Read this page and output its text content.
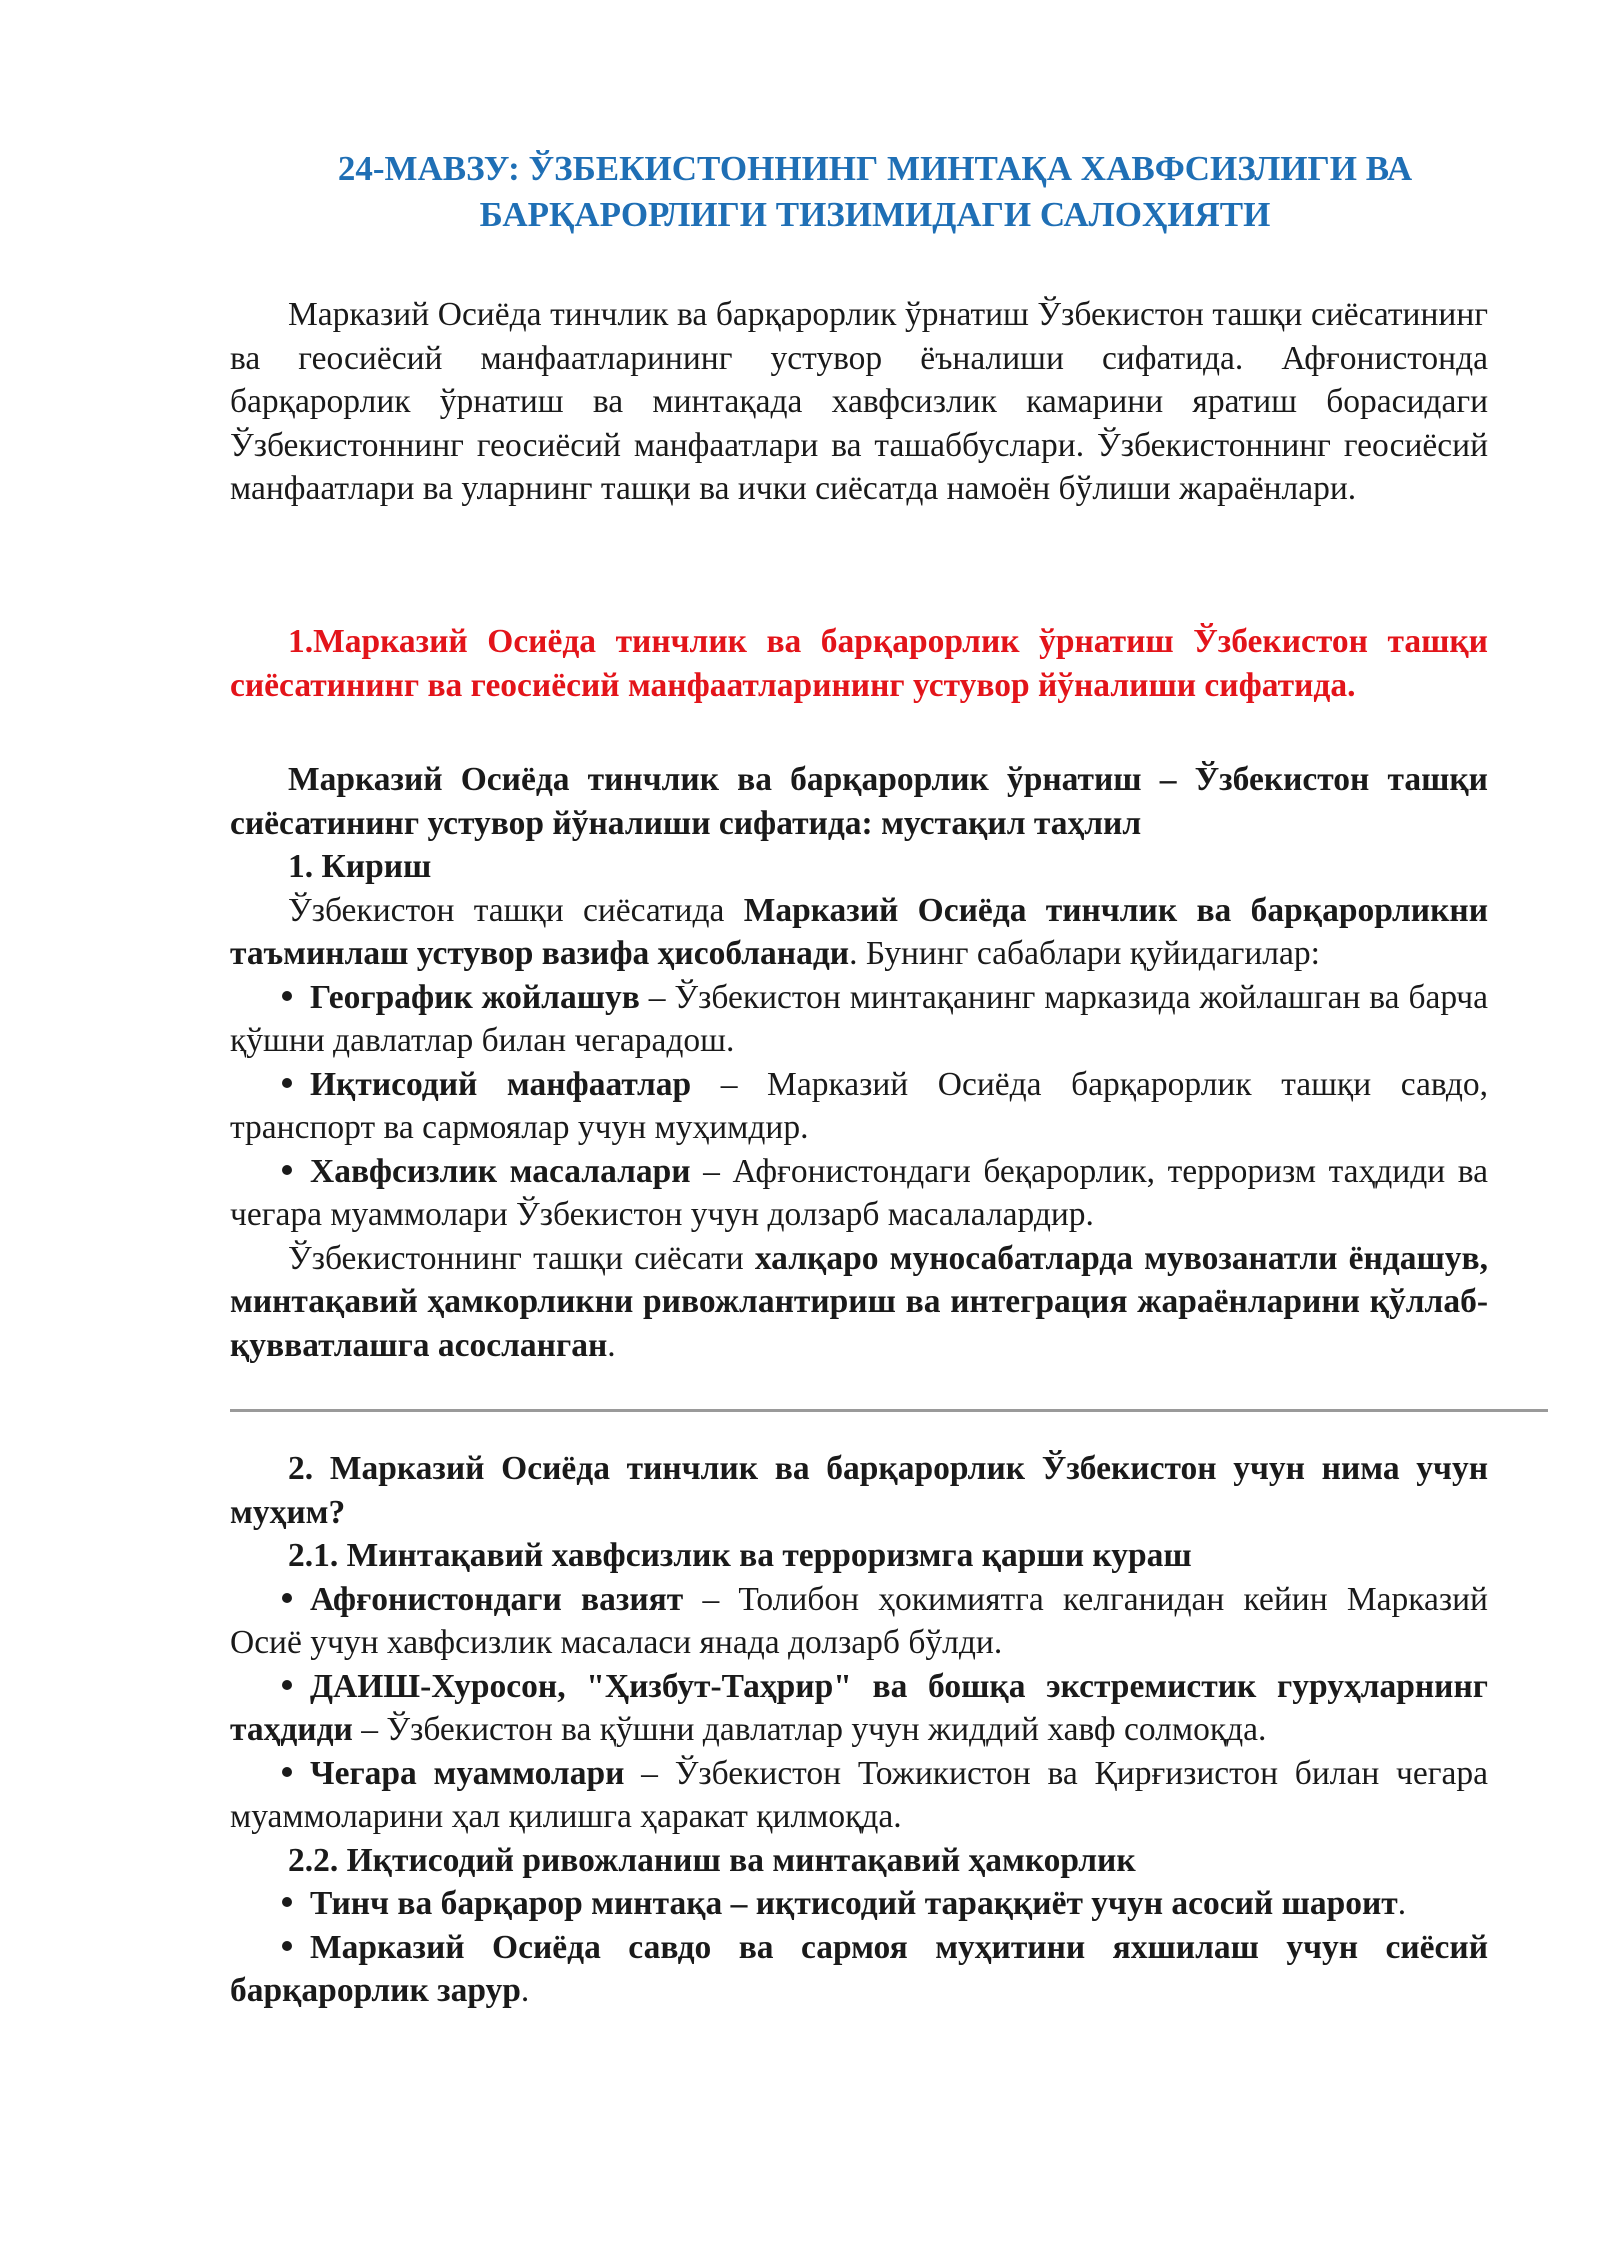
24-МАВЗУ: ЎЗБЕКИСТОННИНГ МИНТАҚА ХАВФСИЗЛИГИ ВА
БАРҚАРОРЛИГИ ТИЗИМИДАГИ САЛОҲИЯТИ

Марказий Осиёда тинчлик ва барқарорлик ўрнатиш Ўзбекистон ташқи сиёсатининг ва геосиёсий манфаатларининг устувор ёъналиши сифатида. Афғонистонда барқарорлик ўрнатиш ва минтақада хавфсизлик камарини яратиш борасидаги Ўзбекистоннинг геосиёсий манфаатлари ва ташаббуслари. Ўзбекистоннинг геосиёсий манфаатлари ва уларнинг ташқи ва ички сиёсатда намоён бўлиши жараёнлари.

1.Марказий Осиёда тинчлик ва барқарорлик ўрнатиш Ўзбекистон ташқи сиёсатининг ва геосиёсий манфаатларининг устувор йўналиши сифатида.

Марказий Осиёда тинчлик ва барқарорлик ўрнатиш – Ўзбекистон ташқи сиёсатининг устувор йўналиши сифатида: мустақил таҳлил

1. Кириш

Ўзбекистон ташқи сиёсатида Марказий Осиёда тинчлик ва барқарорликни таъминлаш устувор вазифа ҳисобланади. Бунинг сабаблари қуйидагилар:

Географик жойлашув – Ўзбекистон минтақанинг марказида жойлашган ва барча қўшни давлатлар билан чегарадош.

Иқтисодий манфаатлар – Марказий Осиёда барқарорлик ташқи савдо, транспорт ва сармоялар учун муҳимдир.

Хавфсизлик масалалари – Афғонистондаги беқарорлик, терроризм таҳдиди ва чегара муаммолари Ўзбекистон учун долзарб масалалардир.

Ўзбекистоннинг ташқи сиёсати халқаро муносабатларда мувозанатли ёндашув, минтақавий ҳамкорликни ривожлантириш ва интеграция жараёнларини қўллаб-қувватлашга асосланган.

2. Марказий Осиёда тинчлик ва барқарорлик Ўзбекистон учун нима учун муҳим?

2.1. Минтақавий хавфсизлик ва терроризмга қарши кураш

Афғонистондаги вазият – Толибон ҳокимиятга келганидан кейин Марказий Осиё учун хавфсизлик масаласи янада долзарб бўлди.

ДАИШ-Хуросон, "Ҳизбут-Таҳрир" ва бошқа экстремистик гуруҳларнинг таҳдиди – Ўзбекистон ва қўшни давлатлар учун жиддий хавф солмоқда.

Чегара муаммолари – Ўзбекистон Тожикистон ва Қирғизистон билан чегара муаммоларини ҳал қилишга ҳаракат қилмоқда.

2.2. Иқтисодий ривожланиш ва минтақавий ҳамкорлик

Тинч ва барқарор минтақа – иқтисодий тараққиёт учун асосий шароит.

Марказий Осиёда савдо ва сармоя муҳитини яхшилаш учун сиёсий барқарорлик зарур.
